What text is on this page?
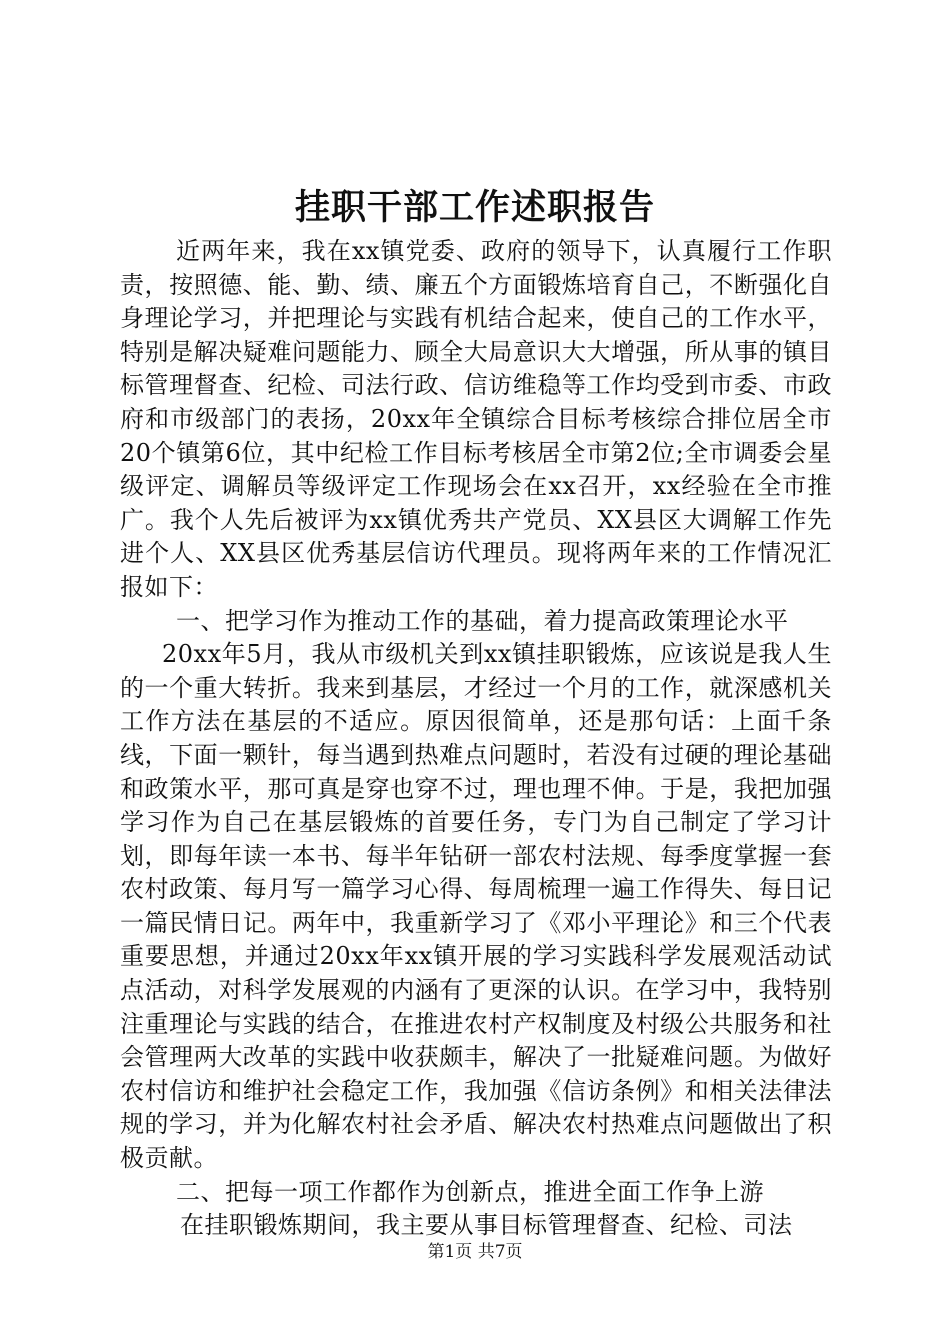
挂职干部工作述职报告

近两年来，我在xx镇党委、政府的领导下，认真履行工作职责，按照德、能、勤、绩、廉五个方面锻炼培育自己，不断强化自身理论学习，并把理论与实践有机结合起来，使自己的工作水平，特别是解决疑难问题能力、顾全大局意识大大增强，所从事的镇目标管理督查、纪检、司法行政、信访维稳等工作均受到市委、市政府和市级部门的表扬，20xx年全镇综合目标考核综合排位居全市20个镇第6位，其中纪检工作目标考核居全市第2位;全市调委会星级评定、调解员等级评定工作现场会在xx召开，xx经验在全市推广。我个人先后被评为xx镇优秀共产党员、XX县区大调解工作先进个人、XX县区优秀基层信访代理员。现将两年来的工作情况汇报如下：

一、把学习作为推动工作的基础，着力提高政策理论水平

20xx年5月，我从市级机关到xx镇挂职锻炼，应该说是我人生的一个重大转折。我来到基层，才经过一个月的工作，就深感机关工作方法在基层的不适应。原因很简单，还是那句话：上面千条线，下面一颗针，每当遇到热难点问题时，若没有过硬的理论基础和政策水平，那可真是穿也穿不过，理也理不伸。于是，我把加强学习作为自己在基层锻炼的首要任务，专门为自己制定了学习计划，即每年读一本书、每半年钻研一部农村法规、每季度掌握一套农村政策、每月写一篇学习心得、每周梳理一遍工作得失、每日记一篇民情日记。两年中，我重新学习了《邓小平理论》和三个代表重要思想，并通过20xx年xx镇开展的学习实践科学发展观活动试点活动，对科学发展观的内涵有了更深的认识。在学习中，我特别注重理论与实践的结合，在推进农村产权制度及村级公共服务和社会管理两大改革的实践中收获颇丰，解决了一批疑难问题。为做好农村信访和维护社会稳定工作，我加强《信访条例》和相关法律法规的学习，并为化解农村社会矛盾、解决农村热难点问题做出了积极贡献。

二、把每一项工作都作为创新点，推进全面工作争上游

在挂职锻炼期间，我主要从事目标管理督查、纪检、司法

第1页 共7页
